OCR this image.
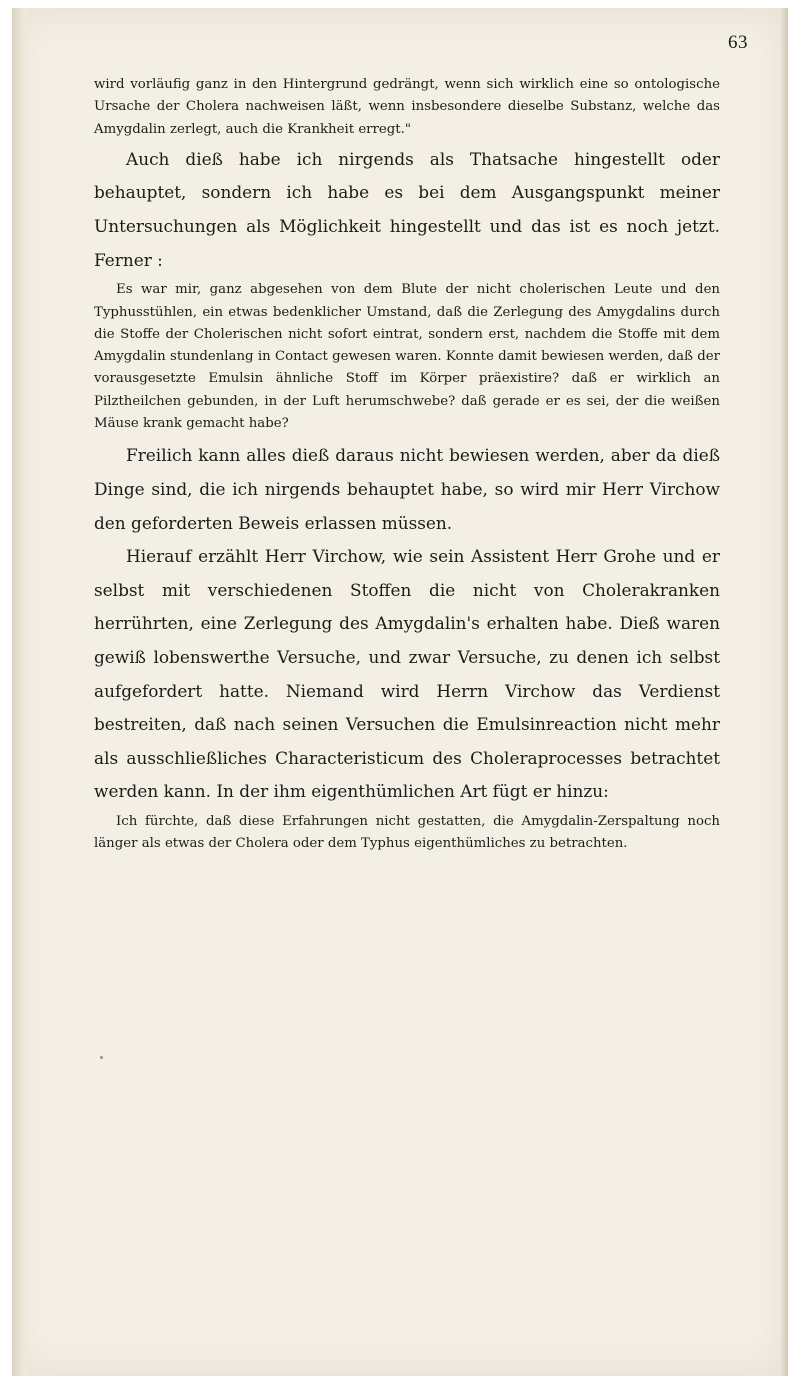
63

wird vorläufig ganz in den Hintergrund gedrängt, wenn sich wirklich eine so ontologische Ursache der Cholera nachweisen läßt, wenn insbesondere dieselbe Substanz, welche das Amygdalin zerlegt, auch die Krankheit erregt."

Auch dieß habe ich nirgends als Thatsache hingestellt oder behauptet, sondern ich habe es bei dem Ausgangspunkt meiner Untersuchungen als Möglichkeit hingestellt und das ist es noch jetzt. Ferner :

Es war mir, ganz abgesehen von dem Blute der nicht cholerischen Leute und den Typhusstühlen, ein etwas bedenklicher Umstand, daß die Zerlegung des Amygdalins durch die Stoffe der Cholerischen nicht sofort eintrat, sondern erst, nachdem die Stoffe mit dem Amygdalin stundenlang in Contact gewesen waren. Konnte damit bewiesen werden, daß der vorausgesetzte Emulsin ähnliche Stoff im Körper präexistire? daß er wirklich an Pilztheilchen gebunden, in der Luft herumschwebe? daß gerade er es sei, der die weißen Mäuse krank gemacht habe?

Freilich kann alles dieß daraus nicht bewiesen werden, aber da dieß Dinge sind, die ich nirgends behauptet habe, so wird mir Herr Virchow den geforderten Beweis erlassen müssen.

Hierauf erzählt Herr Virchow, wie sein Assistent Herr Grohe und er selbst mit verschiedenen Stoffen die nicht von Cholerakranken herrührten, eine Zerlegung des Amygdalin's erhalten habe. Dieß waren gewiß lobenswerthe Versuche, und zwar Versuche, zu denen ich selbst aufgefordert hatte. Niemand wird Herrn Virchow das Verdienst bestreiten, daß nach seinen Versuchen die Emulsinreaction nicht mehr als ausschließliches Characteristicum des Choleraprocesses betrachtet werden kann. In der ihm eigenthümlichen Art fügt er hinzu:

Ich fürchte, daß diese Erfahrungen nicht gestatten, die Amygdalin-Zerspaltung noch länger als etwas der Cholera oder dem Typhus eigenthümliches zu betrachten.
